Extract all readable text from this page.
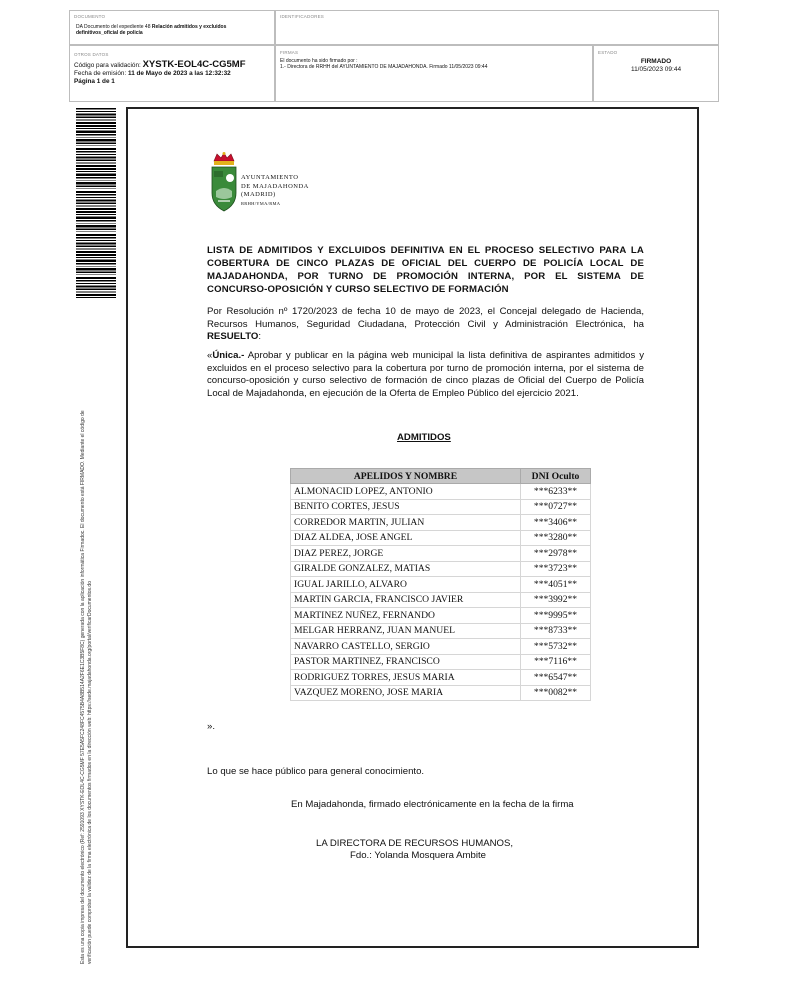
DOCUMENTO
DA Documento del expediente 48 Relación admitidos y excluidos
definitivos_oficial de policía
IDENTIFICADORES
OTROS DATOS
Código para validación: XYSTK-EOL4C-CG5MF
Fecha de emisión: 11 de Mayo de 2023 a las 12:32:32
Página 1 de 1
FIRMAS
El documento ha sido firmado por :
1.- Directora de RRHH del AYUNTAMIENTO DE MAJADAHONDA. Firmado 11/05/2023 09:44
ESTADO
FIRMADO
11/05/2023 09:44
Esta es una copia impresa del documento electrónico (Ref: 2591093 XYSTK-EOL4C-CG5MF 57E5A5FC248FC4575B4A8B514A2F6E1C3B5F8C) generada con la aplicación informática Firmadoc. El documento está FIRMADO. Mediante el código de verificación puede comprobar la validez de la firma electrónica de los documentos firmados en la dirección web: https://sede.majadahonda.org/portal/verificarDocumentos.do
AYUNTAMIENTO
DE MAJADAHONDA
(MADRID)
RRHH/YMA/RMA
LISTA DE ADMITIDOS Y EXCLUIDOS DEFINITIVA EN EL PROCESO SELECTIVO PARA LA COBERTURA DE CINCO PLAZAS DE OFICIAL DEL CUERPO DE POLICÍA LOCAL DE MAJADAHONDA, POR TURNO DE PROMOCIÓN INTERNA, POR EL SISTEMA DE CONCURSO-OPOSICIÓN Y CURSO SELECTIVO DE FORMACIÓN
Por Resolución nº 1720/2023 de fecha 10 de mayo de 2023, el Concejal delegado de Hacienda, Recursos Humanos, Seguridad Ciudadana, Protección Civil y Administración Electrónica, ha RESUELTO:
«Única.- Aprobar y publicar en la página web municipal la lista definitiva de aspirantes admitidos y excluidos en el proceso selectivo para la cobertura por turno de promoción interna, por el sistema de concurso-oposición y curso selectivo de formación de cinco plazas de Oficial del Cuerpo de Policía Local de Majadahonda, en ejecución de la Oferta de Empleo Público del ejercicio 2021.
ADMITIDOS
APELIDOS Y NOMBRE	DNI Oculto
ALMONACID LOPEZ, ANTONIO	***6233**
BENITO CORTES, JESUS	***0727**
CORREDOR MARTIN, JULIAN	***3406**
DIAZ ALDEA, JOSE ANGEL	***3280**
DIAZ PEREZ, JORGE	***2978**
GIRALDE GONZALEZ, MATIAS	***3723**
IGUAL JARILLO, ALVARO	***4051**
MARTIN GARCIA, FRANCISCO JAVIER	***3992**
MARTINEZ NUÑEZ, FERNANDO	***9995**
MELGAR HERRANZ, JUAN MANUEL	***8733**
NAVARRO CASTELLO, SERGIO	***5732**
PASTOR MARTINEZ, FRANCISCO	***7116**
RODRIGUEZ TORRES, JESUS MARIA	***6547**
VAZQUEZ MORENO, JOSE MARIA	***0082**
».
Lo que se hace público para general conocimiento.
En Majadahonda, firmado electrónicamente en la fecha de la firma
LA DIRECTORA DE RECURSOS HUMANOS,
Fdo.: Yolanda Mosquera Ambite
